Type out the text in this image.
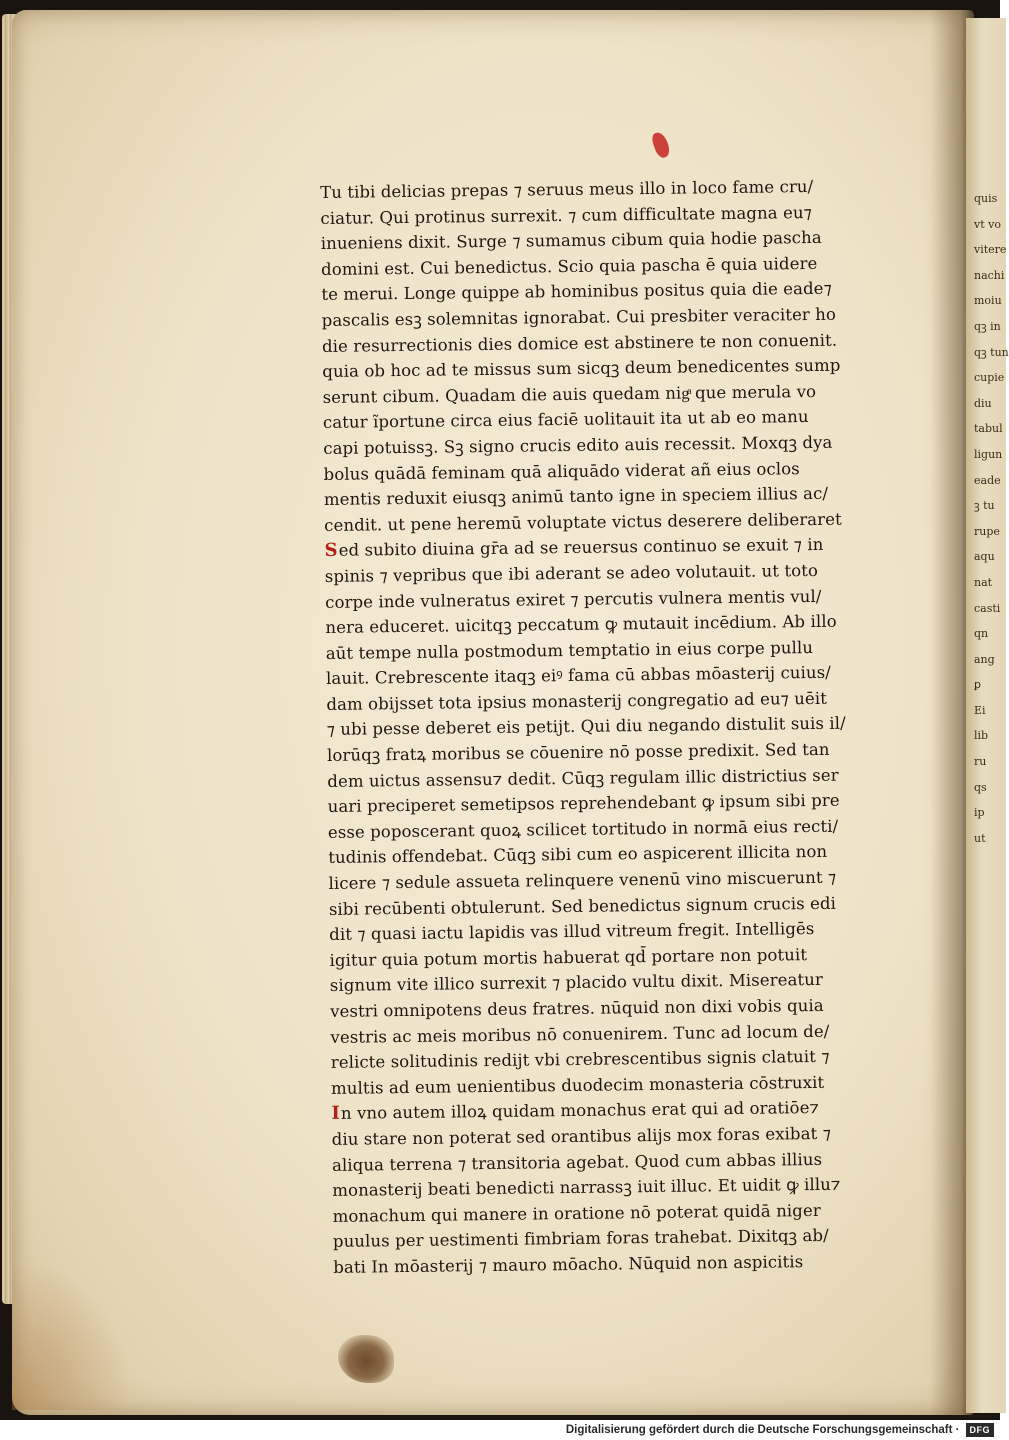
quis
vt vo
vitere
nachi
moiu
qꝫ in
qꝫ tun
cupie
diu
tabul
ligun
eade
ꝫ tu
rupe
aqu
nat
casti
qn
ang
ꝑ
Ei
lib
ru
qs
ip
ut
Tu tibi delicias prepas ⁊ seruus meus illo in loco fame cru/
ciatur. Qui protinus surrexit. ⁊ cum difficultate magna eu⁊
inueniens dixit. Surge ⁊ sumamus cibum quia hodie pascha
domini est. Cui benedictus. Scio quia pascha ē quia uidere
te merui. Longe quippe ab hominibus positus quia die eade⁊
pascalis esꝫ solemnitas ignorabat. Cui presbiter veraciter ho
die resurrectionis dies domice est abstinere te non conuenit.
quia ob hoc ad te missus sum sicqꝫ deum benedicentes sump
serunt cibum. Quadam die auis quedam nigͣ que merula vo
catur ĩportune circa eius faciē uolitauit ita ut ab eo manu
capi potuissꝫ. Sꝫ signo crucis edito auis recessit. Moxqꝫ dya
bolus quādā feminam quā aliquādo viderat añ eius oclos
mentis reduxit eiusqꝫ animū tanto igne in speciem illius ac/
cendit. ut pene heremū voluptate victus deserere deliberaret
S ed subito diuina gr̄a ad se reuersus continuo se exuit ⁊ in
spinis ⁊ vepribus que ibi aderant se adeo volutauit. ut toto
corpe inde vulneratus exiret ⁊ percutis vulnera mentis vul/
nera educeret. uicitqꝫ peccatum ꝙ mutauit incēdium. Ab illo
aūt tempe nulla postmodum temptatio in eius corpe pullu
lauit. Crebrescente itaqꝫ eiꝰ fama cū abbas mōasterij cuius/
dam obijsset tota ipsius monasterij congregatio ad eu⁊ uēit
⁊ ubi pesse deberet eis petijt. Qui diu negando distulit suis il/
lorūqꝫ fratꝝ moribus se cōuenire nō posse predixit. Sed tan
dem uictus assensu⁊ dedit. Cūqꝫ regulam illic districtius ser
uari preciperet semetipsos reprehendebant ꝙ ipsum sibi pre
esse poposcerant quoꝝ scilicet tortitudo in normā eius recti/
tudinis offendebat. Cūqꝫ sibi cum eo aspicerent illicita non
licere ⁊ sedule assueta relinquere venenū vino miscuerunt ⁊
sibi recūbenti obtulerunt. Sed benedictus signum crucis edi
dit ⁊ quasi iactu lapidis vas illud vitreum fregit. Intelligēs
igitur quia potum mortis habuerat qd̄ portare non potuit
signum vite illico surrexit ⁊ placido vultu dixit. Misereatur
vestri omnipotens deus fratres. nūquid non dixi vobis quia
vestris ac meis moribus nō conuenirem. Tunc ad locum de/
relicte solitudinis redijt vbi crebrescentibus signis clatuit ⁊
multis ad eum uenientibus duodecim monasteria cōstruxit
I n vno autem illoꝝ quidam monachus erat qui ad oratiōe⁊
diu stare non poterat sed orantibus alijs mox foras exibat ⁊
aliqua terrena ⁊ transitoria agebat. Quod cum abbas illius
monasterij beati benedicti narrassꝫ iuit illuc. Et uidit ꝙ illu⁊
monachum qui manere in oratione nō poterat quidā niger
puulus per uestimenti fimbriam foras trahebat. Dixitqꝫ ab/
bati In mōasterij ⁊ mauro mōacho. Nūquid non aspicitis
Digitalisierung gefördert durch die Deutsche Forschungsgemeinschaft ·	DFG
